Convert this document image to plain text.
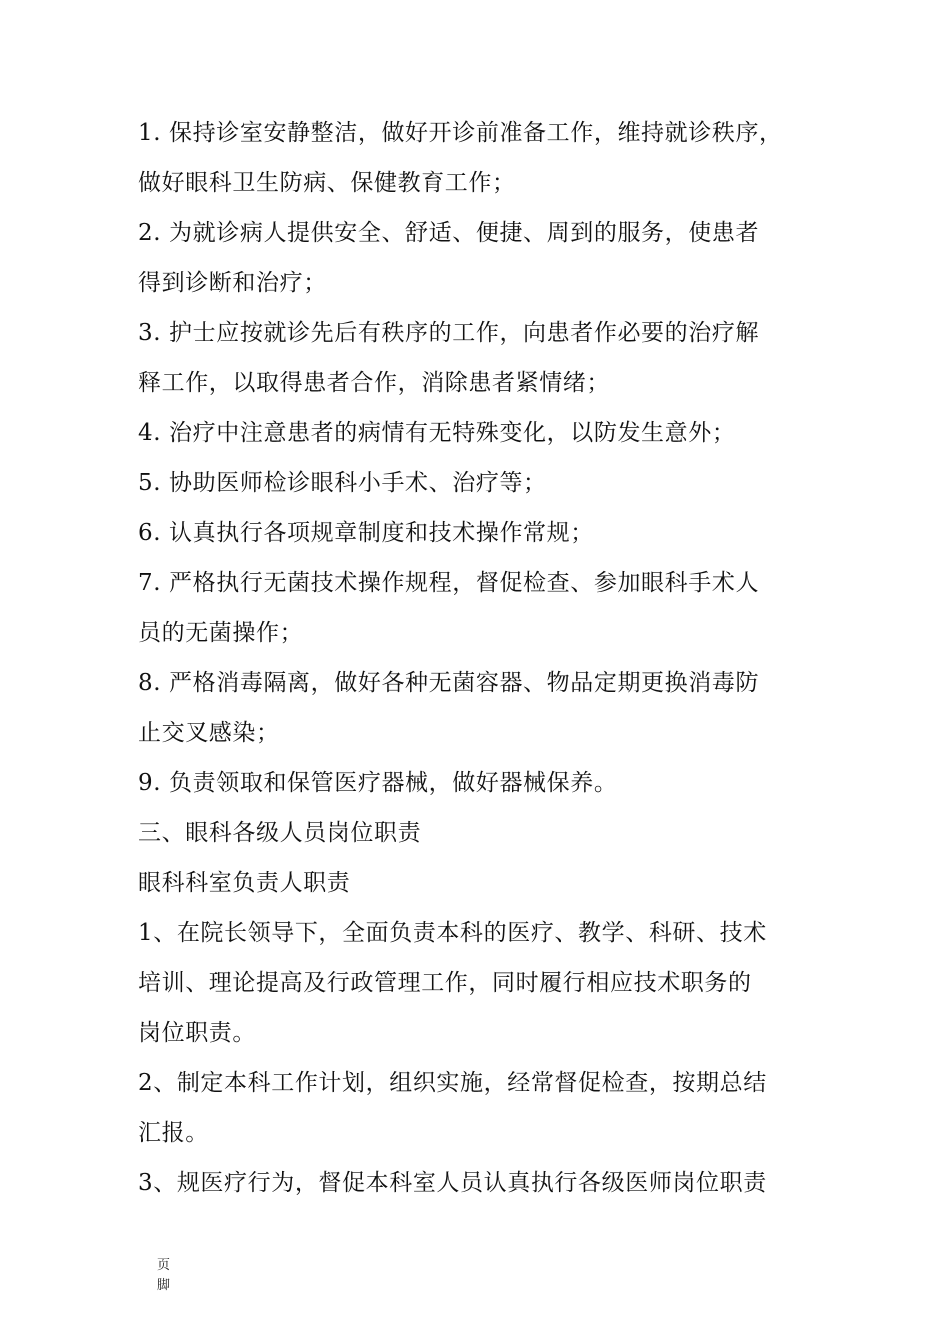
1. 保持诊室安静整洁，做好开诊前准备工作，维持就诊秩序，
做好眼科卫生防病、保健教育工作；
2. 为就诊病人提供安全、舒适、便捷、周到的服务，使患者
得到诊断和治疗；
3. 护士应按就诊先后有秩序的工作，向患者作必要的治疗解
释工作，以取得患者合作，消除患者紧情绪；
4. 治疗中注意患者的病情有无特殊变化，以防发生意外；
5. 协助医师检诊眼科小手术、治疗等；
6. 认真执行各项规章制度和技术操作常规；
7. 严格执行无菌技术操作规程，督促检查、参加眼科手术人
员的无菌操作；
8. 严格消毒隔离，做好各种无菌容器、物品定期更换消毒防
止交叉感染；
9. 负责领取和保管医疗器械，做好器械保养。
三、眼科各级人员岗位职责
眼科科室负责人职责
1、在院长领导下，全面负责本科的医疗、教学、科研、技术
培训、理论提高及行政管理工作，同时履行相应技术职务的
岗位职责。
2、制定本科工作计划，组织实施，经常督促检查，按期总结
汇报。
3、规医疗行为，督促本科室人员认真执行各级医师岗位职责
页
脚
